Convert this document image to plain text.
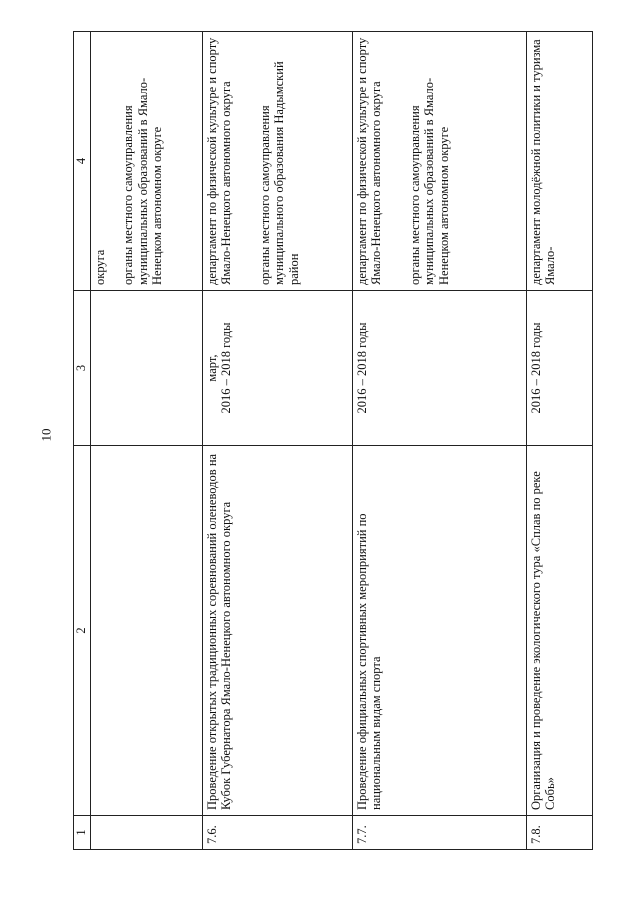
10
1	2	3	4
			округа органы местного самоуправления муниципальных образований в Ямало-Ненецком автономном округе
7.6.	Проведение открытых традиционных соревнований оленеводов на Кубок Губернатора Ямало-Ненецкого автономного округа	март, 2016 – 2018 годы	департамент по физической культуре и спорту Ямало-Ненецкого автономного округа органы местного самоуправления муниципального образования Надымский район
7.7.	Проведение официальных спортивных мероприятий по национальным видам спорта	2016 – 2018 годы	департамент по физической культуре и спорту Ямало-Ненецкого автономного округа органы местного самоуправления муниципальных образований в Ямало-Ненецком автономном округе
7.8.	Организация и проведение экологического тура «Сплав по реке Собь»	2016 – 2018 годы	департамент молодёжной политики и туризма Ямало-
